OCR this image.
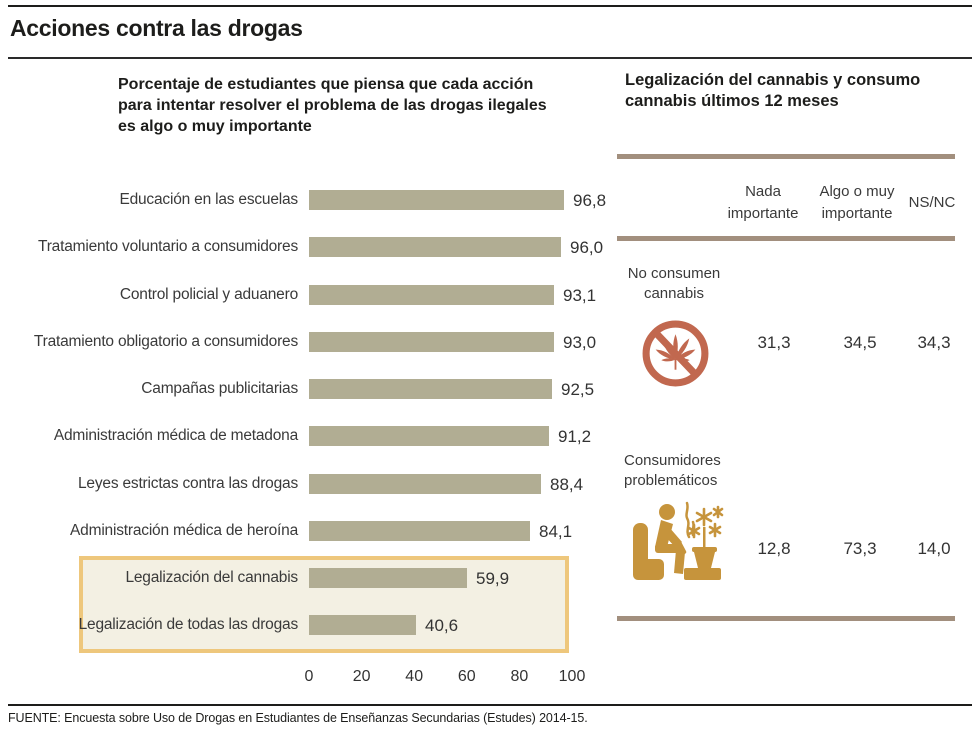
Acciones contra las drogas
Porcentaje de estudiantes que piensa que cada acción
para intentar resolver el problema de las drogas ilegales
es algo o muy importante
Educación en las escuelas	96,8
Tratamiento voluntario a consumidores	96,0
Control policial y aduanero	93,1
Tratamiento obligatorio a consumidores	93,0
Campañas publicitarias	92,5
Administración médica de metadona	91,2
Leyes estrictas contra las drogas	88,4
Administración médica de heroína	84,1
Legalización del cannabis	59,9
Legalización de todas las drogas	40,6
0 20 40 60 80 100
Legalización del cannabis y consumo
cannabis últimos 12 meses
Nada importante
Algo o muy importante
NS/NC
No consumen cannabis
31,3	34,5	34,3
Consumidores problemáticos
12,8	73,3	14,0
FUENTE: Encuesta sobre Uso de Drogas en Estudiantes de Enseñanzas Secundarias (Estudes) 2014-15.
